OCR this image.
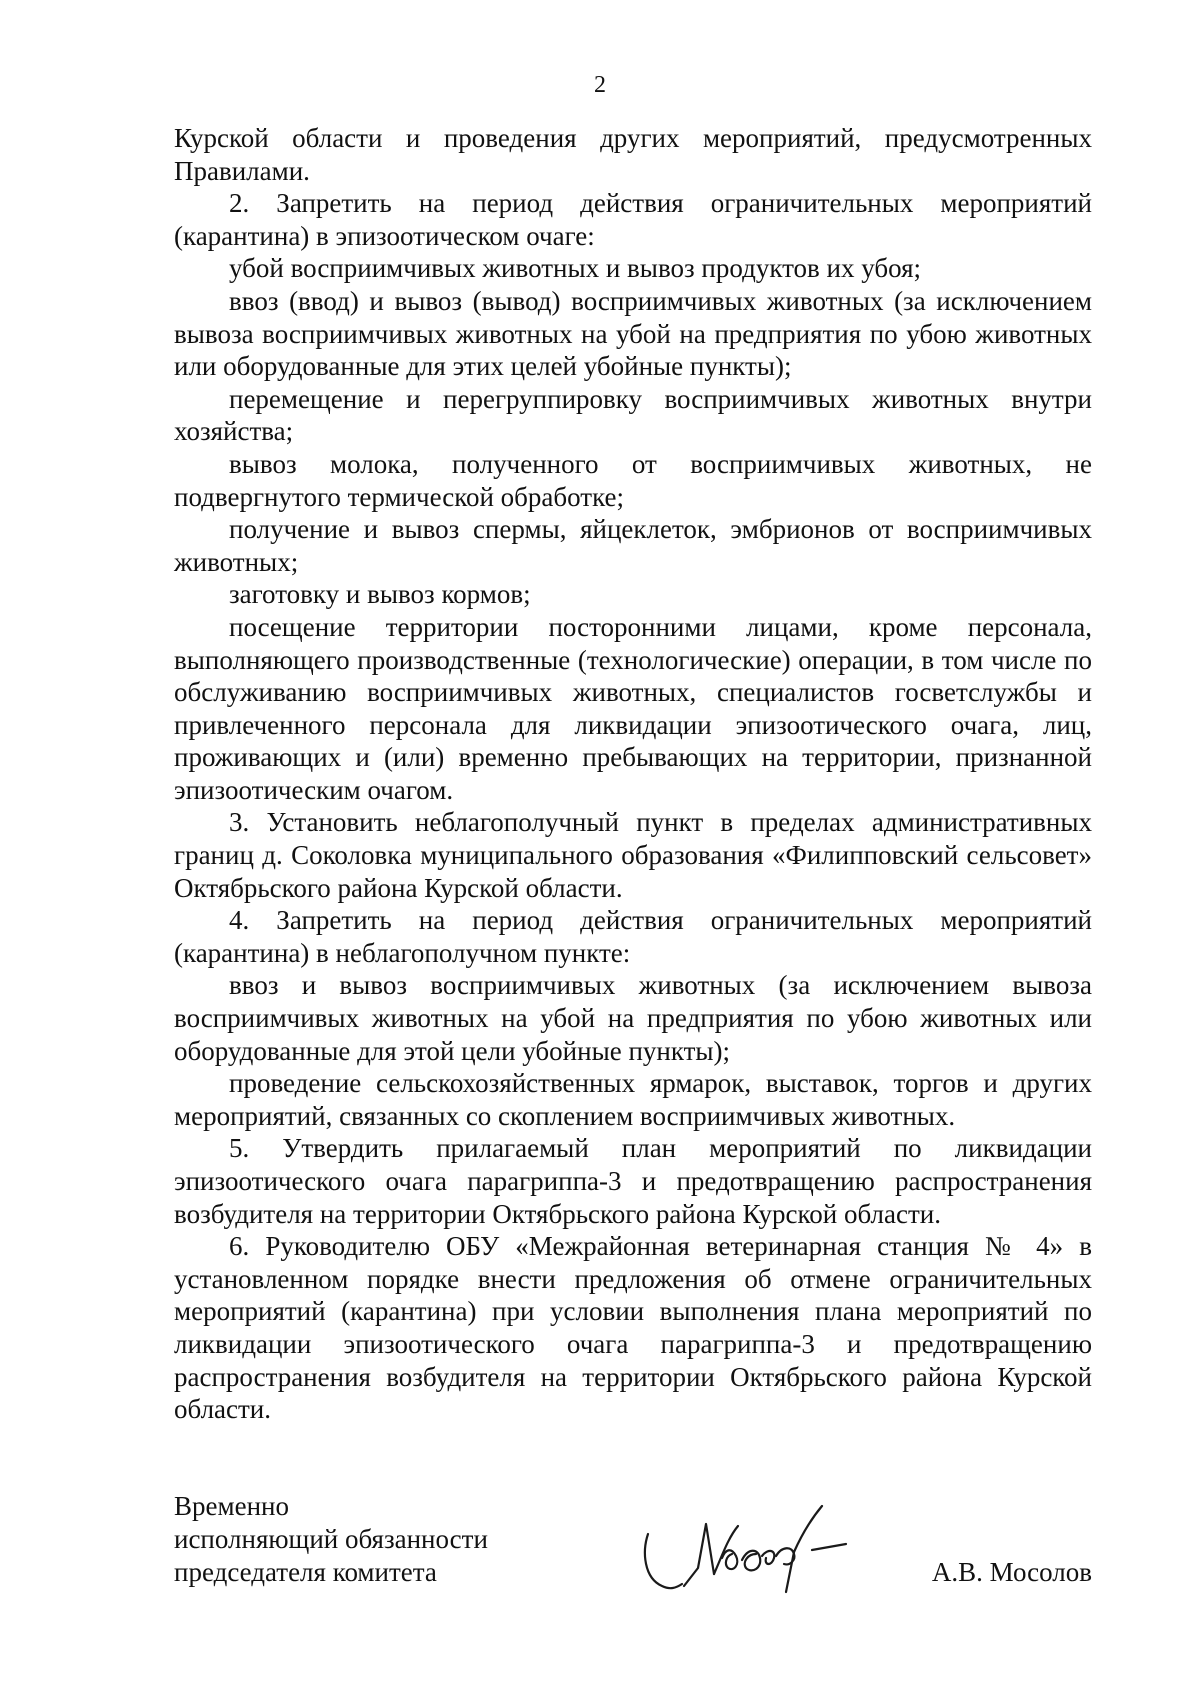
2

Курской области и проведения других мероприятий, предусмотренных Правилами.

2. Запретить на период действия ограничительных мероприятий (карантина) в эпизоотическом очаге:

убой восприимчивых животных и вывоз продуктов их убоя;

ввоз (ввод) и вывоз (вывод) восприимчивых животных (за исключением вывоза восприимчивых животных на убой на предприятия по убою животных или оборудованные для этих целей убойные пункты);

перемещение и перегруппировку восприимчивых животных внутри хозяйства;

вывоз молока, полученного от восприимчивых животных, не подвергнутого термической обработке;

получение и вывоз спермы, яйцеклеток, эмбрионов от восприимчивых животных;

заготовку и вывоз кормов;

посещение территории посторонними лицами, кроме персонала, выполняющего производственные (технологические) операции, в том числе по обслуживанию восприимчивых животных, специалистов госветслужбы и привлеченного персонала для ликвидации эпизоотического очага, лиц, проживающих и (или) временно пребывающих на территории, признанной эпизоотическим очагом.

3. Установить неблагополучный пункт в пределах административных границ д. Соколовка муниципального образования «Филипповский сельсовет» Октябрьского района Курской области.

4. Запретить на период действия ограничительных мероприятий (карантина) в неблагополучном пункте:

ввоз и вывоз восприимчивых животных (за исключением вывоза восприимчивых животных на убой на предприятия по убою животных или оборудованные для этой цели убойные пункты);

проведение сельскохозяйственных ярмарок, выставок, торгов и других мероприятий, связанных со скоплением восприимчивых животных.

5. Утвердить прилагаемый план мероприятий по ликвидации эпизоотического очага парагриппа-3 и предотвращению распространения возбудителя на территории Октябрьского района Курской области.

6. Руководителю ОБУ «Межрайонная ветеринарная станция № 4» в установленном порядке внести предложения об отмене ограничительных мероприятий (карантина) при условии выполнения плана мероприятий по ликвидации эпизоотического очага парагриппа-3 и предотвращению распространения возбудителя на территории Октябрьского района Курской области.

Временно
исполняющий обязанности
председателя комитета	А.В. Мосолов
